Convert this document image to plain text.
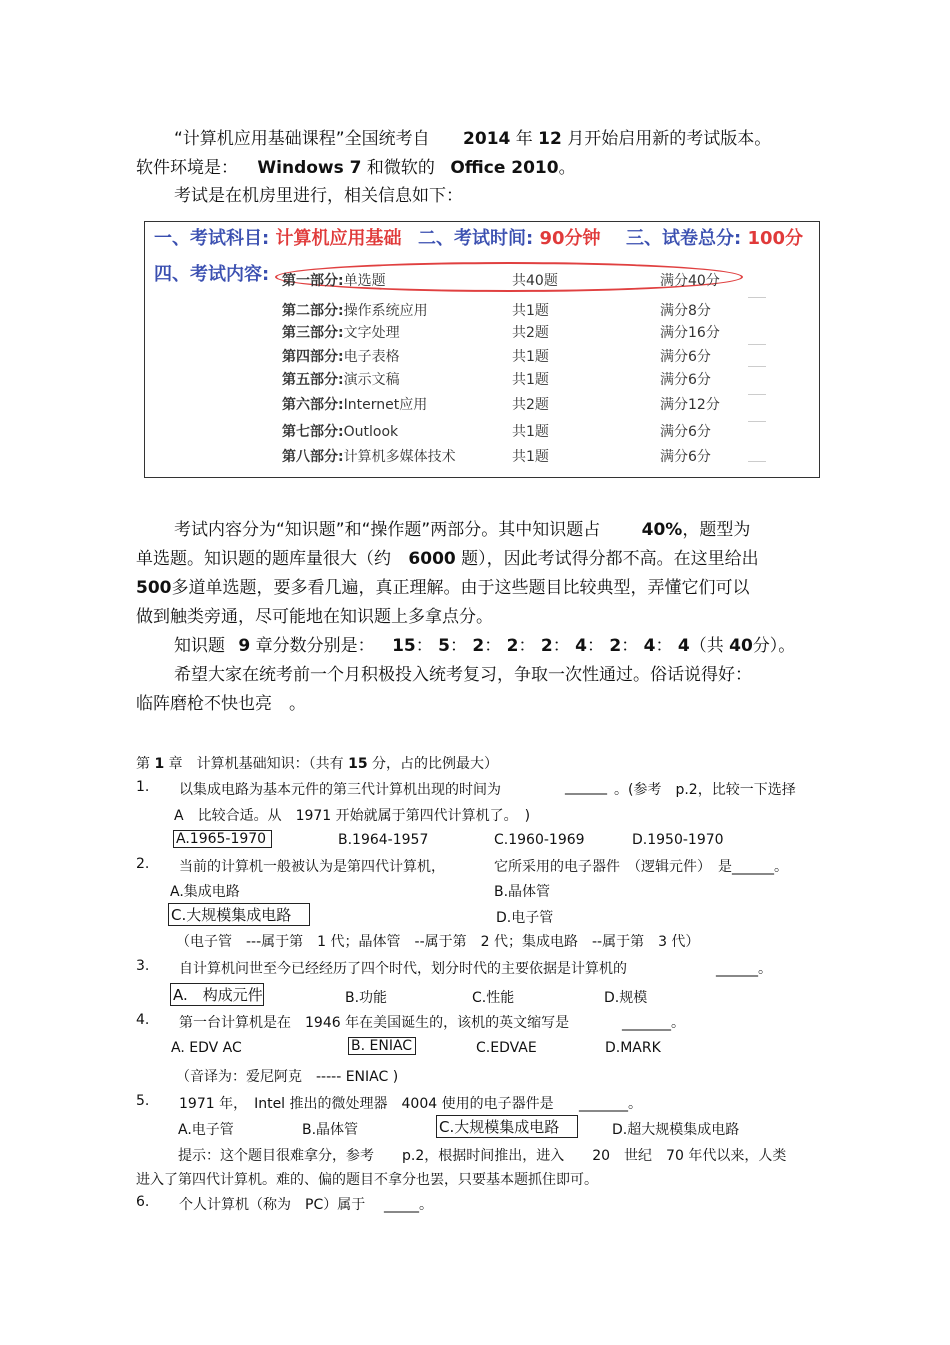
“计算机应用基础课程”全国统考自 2014 年 12 月开始启用新的考试版本。
软件环境是： Windows 7 和微软的 Office 2010。
考试是在机房里进行，相关信息如下：
一、考试科目: 计算机应用基础 二、考试时间: 90分钟 三、试卷总分: 100分
四、考试内容: 第一部分:单选题	共40题	满分40分
第二部分:操作系统应用	共1题	满分8分
第三部分:文字处理	共2题	满分16分
第四部分:电子表格	共1题	满分6分
第五部分:演示文稿	共1题	满分6分
第六部分:Internet应用	共2题	满分12分
第七部分:Outlook	共1题	满分6分
第八部分:计算机多媒体技术	共1题	满分6分
考试内容分为“知识题”和“操作题”两部分。其中知识题占 40%，题型为
单选题。知识题的题库量很大（约 6000 题），因此考试得分都不高。在这里给出
500多道单选题，要多看几遍，真正理解。由于这些题目比较典型，弄懂它们可以
做到触类旁通，尽可能地在知识题上多拿点分。
知识题 9 章分数分别是： 15： 5： 2： 2： 2： 4： 2： 4： 4（共 40分）。
希望大家在统考前一个月积极投入统考复习，争取一次性通过。俗话说得好：
临阵磨枪不快也亮　。
第 1 章　计算机基础知识：（共有 15 分，占的比例最大）
1. 以集成电路为基本元件的第三代计算机出现的时间为	______ 。(参考　p.2，比较一下选择
A　比较合适。从　1971 开始就属于第四代计算机了。　)
A.1965-1970	B.1964-1957	C.1960-1969	D.1950-1970
2. 当前的计算机一般被认为是第四代计算机，	它所采用的电子器件　（逻辑元件）　是______。
A.集成电路	B.晶体管
C.大规模集成电路	D.电子管
（电子管　---属于第　1 代；晶体管　--属于第　2 代；集成电路　--属于第　3 代）
3. 自计算机问世至今已经经历了四个时代，划分时代的主要依据是计算机的	______。
A.　构成元件	B.功能	C.性能	D.规模
4. 第一台计算机是在　1946 年在美国诞生的，该机的英文缩写是	_______。
A. EDV AC	B. ENIAC	C.EDVAE	D.MARK
（音译为：爱尼阿克　----- ENIAC )
5. 1971 年，　Intel 推出的微处理器　4004 使用的电子器件是 _______。
A.电子管	B.晶体管	C.大规模集成电路	D.超大规模集成电路
提示：这个题目很难拿分，参考　　p.2，根据时间推出，进入　　20　世纪　70 年代以来，人类
进入了第四代计算机。难的、偏的题目不拿分也罢，只要基本题抓住即可。
6. 个人计算机（称为　PC）属于 _____。
